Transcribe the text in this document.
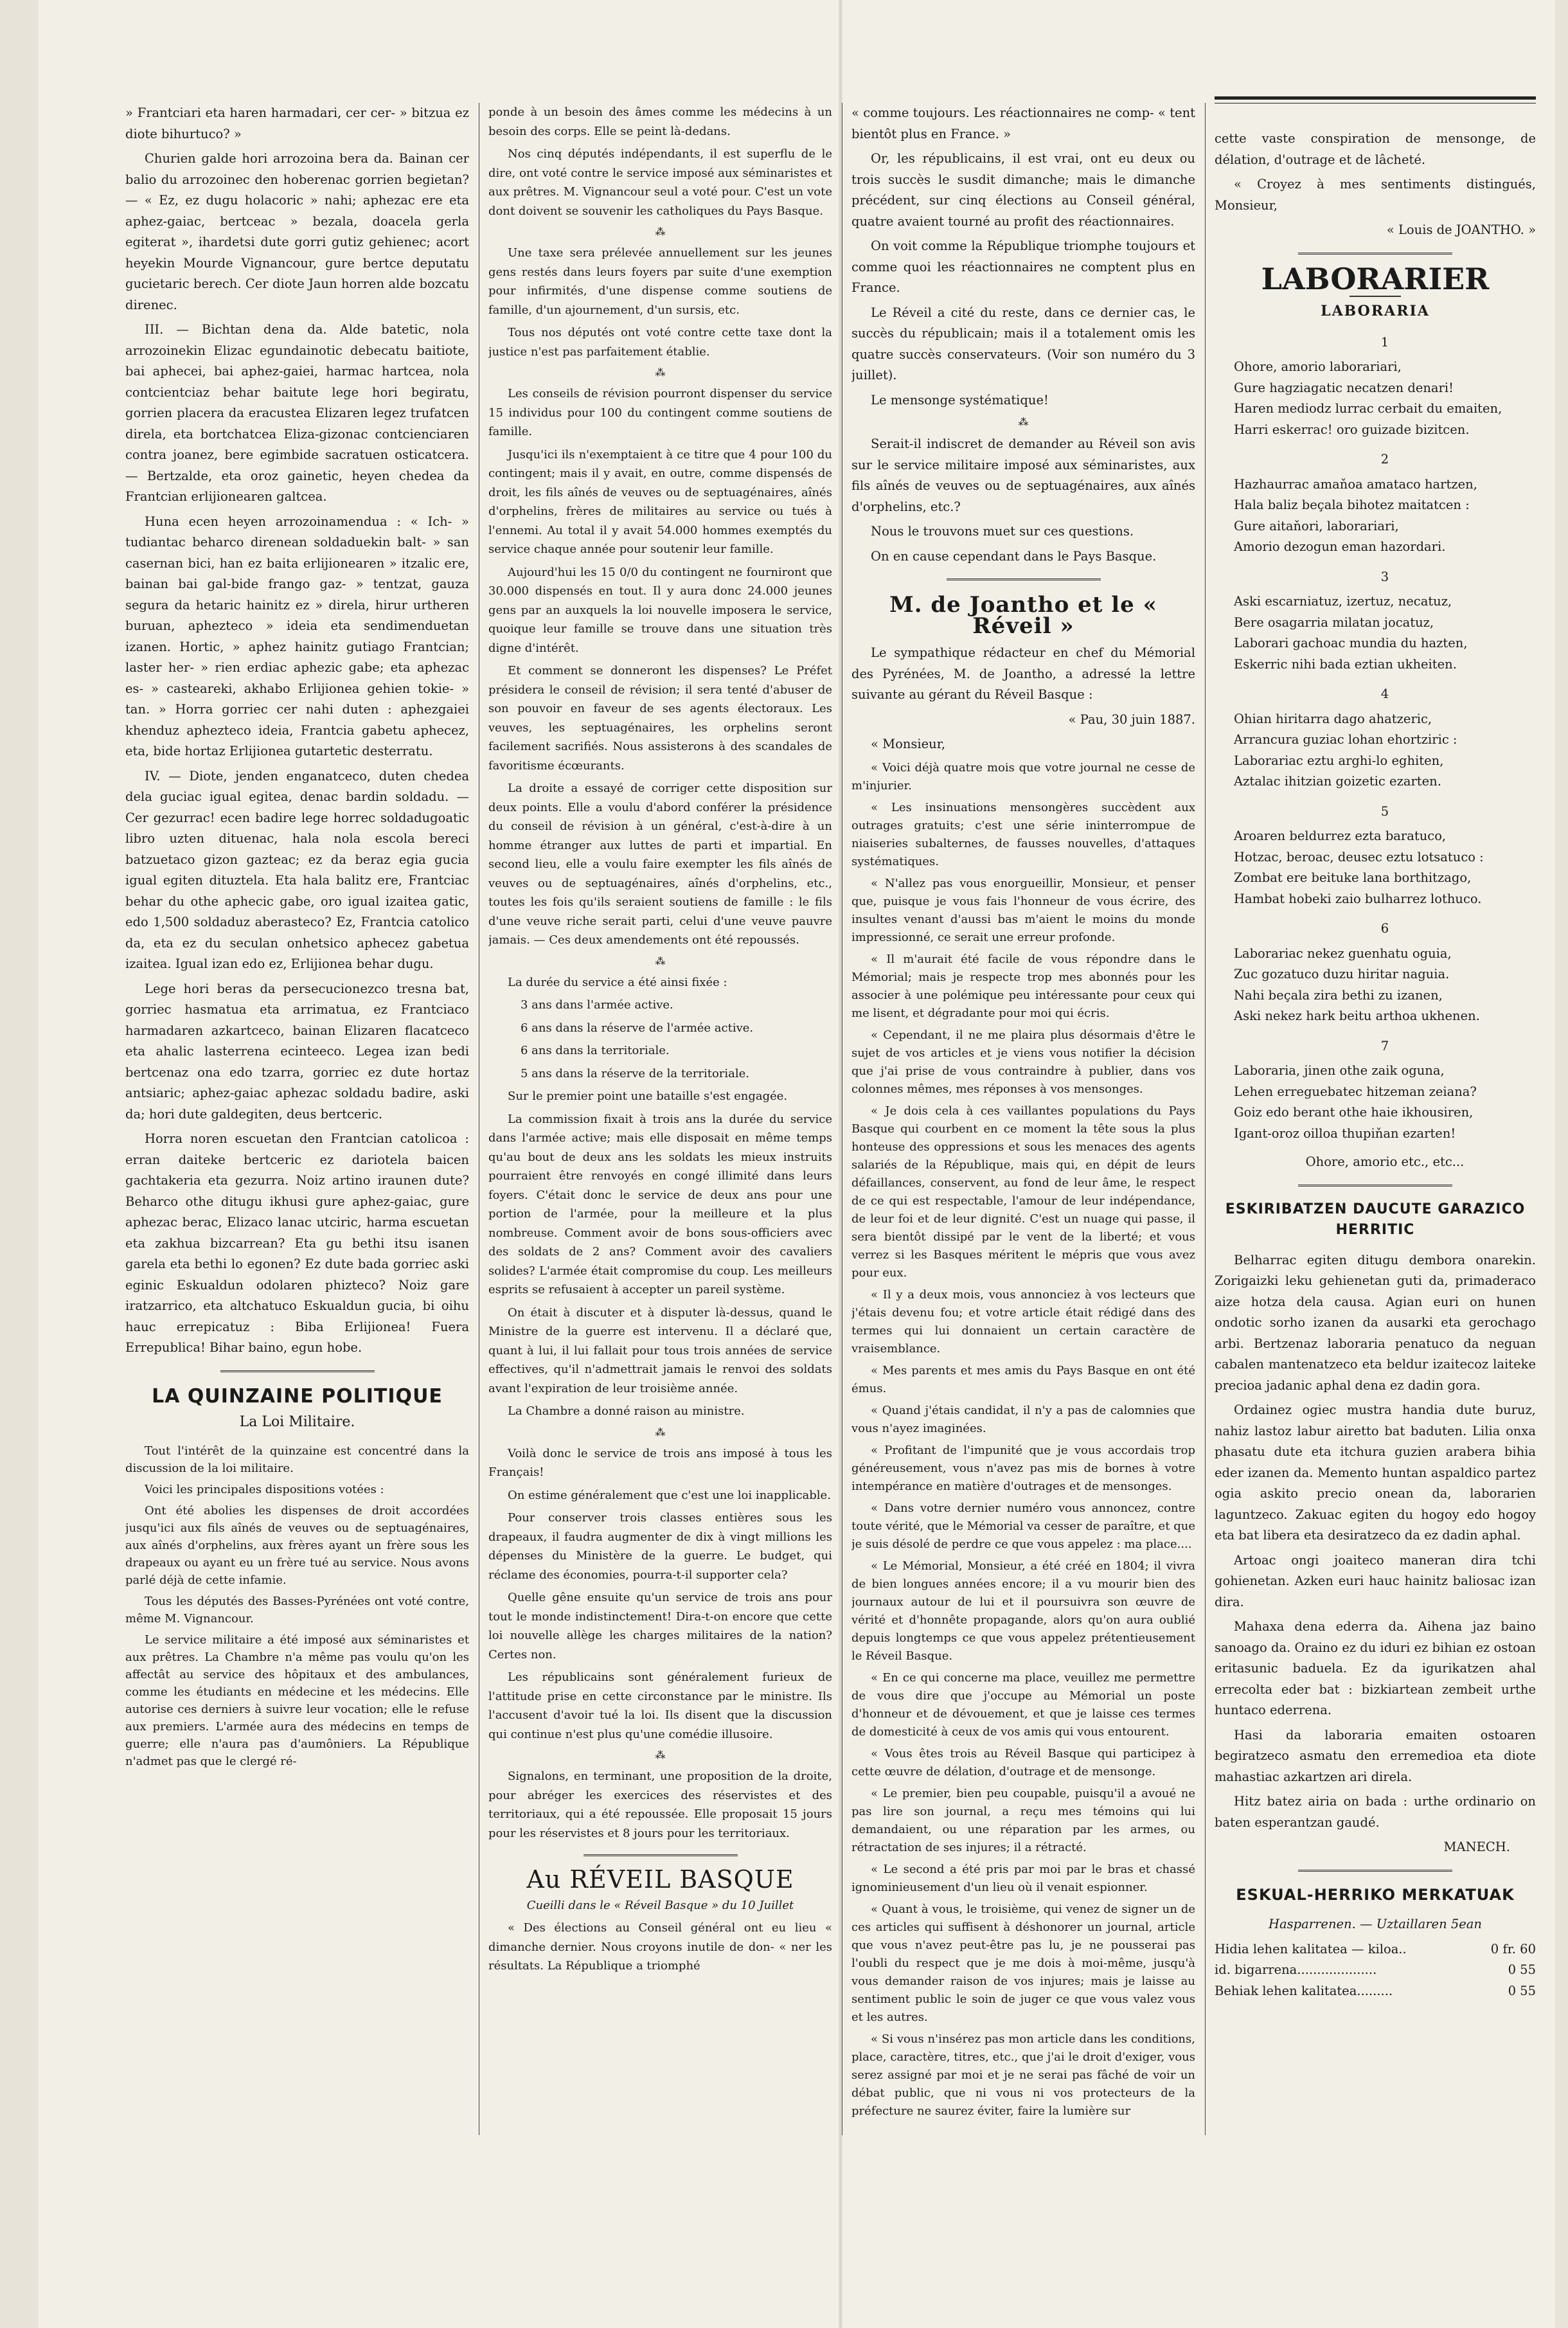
» Frantciari eta haren harmadari, cer cer- » bitzua ez diote bihurtuco? »

Churien galde hori arrozoina bera da. Bainan cer balio du arrozoinec den hoberenac gorrien begietan? — « Ez, ez dugu holacoric » nahi; aphezac ere eta aphez-gaiac, bertceac » bezala, doacela gerla egiterat », ihardetsi dute gorri gutiz gehienec; acort heyekin Mourde Vignancour, gure bertce deputatu gucietaric berech. Cer diote Jaun horren alde bozcatu direnec.

III. — Bichtan dena da. Alde batetic, nola arrozoinekin Elizac egundainotic debecatu baitiote, bai aphecei, bai aphez-gaiei, harmac hartcea, nola contcientciaz behar baitute lege hori begiratu, gorrien placera da eracustea Elizaren legez trufatcen direla, eta bortchatcea Eliza-gizonac contcienciaren contra joanez, bere egimbide sacratuen osticatcera. — Bertzalde, eta oroz gainetic, heyen chedea da Frantcian erlijionearen galtcea.

Huna ecen heyen arrozoinamendua : « Ich- » tudiantac beharco direnean soldaduekin balt- » san casernan bici, han ez baita erlijionearen » itzalic ere, bainan bai gal-bide frango gaz- » tentzat, gauza segura da hetaric hainitz ez » direla, hirur urtheren buruan, aphezteco » ideia eta sendimenduetan izanen. Hortic, » aphez hainitz gutiago Frantcian; laster her- » rien erdiac aphezic gabe; eta aphezac es- » casteareki, akhabo Erlijionea gehien tokie- » tan. » Horra gorriec cer nahi duten : aphezgaiei khenduz aphezteco ideia, Frantcia gabetu aphecez, eta, bide hortaz Erlijionea gutartetic desterratu.

IV. — Diote, jenden enganatceco, duten chedea dela guciac igual egitea, denac bardin soldadu. — Cer gezurrac! ecen badire lege horrec soldadugoatic libro uzten dituenac, hala nola escola bereci batzuetaco gizon gazteac; ez da beraz egia gucia igual egiten dituztela. Eta hala balitz ere, Frantciac behar du othe aphecic gabe, oro igual izaitea gatic, edo 1,500 soldaduz aberasteco? Ez, Frantcia catolico da, eta ez du seculan onhetsico aphecez gabetua izaitea. Igual izan edo ez, Erlijionea behar dugu.

Lege hori beras da persecucionezco tresna bat, gorriec hasmatua eta arrimatua, ez Frantciaco harmadaren azkartceco, bainan Elizaren flacatceco eta ahalic lasterrena ecinteeco. Legea izan bedi bertcenaz ona edo tzarra, gorriec ez dute hortaz antsiaric; aphez-gaiac aphezac soldadu badire, aski da; hori dute galdegiten, deus bertceric.

Horra noren escuetan den Frantcian catolicoa : erran daiteke bertceric ez dariotela baicen gachtakeria eta gezurra. Noiz artino iraunen dute? Beharco othe ditugu ikhusi gure aphez-gaiac, gure aphezac berac, Elizaco lanac utciric, harma escuetan eta zakhua bizcarrean? Eta gu bethi itsu isanen garela eta bethi lo egonen? Ez dute bada gorriec aski eginic Eskualdun odolaren phizteco? Noiz gare iratzarrico, eta altchatuco Eskualdun gucia, bi oihu hauc errepicatuz : Biba Erlijionea! Fuera Errepublica! Bihar baino, egun hobe.

LA QUINZAINE POLITIQUE
La Loi Militaire.

Tout l'intérêt de la quinzaine est concentré dans la discussion de la loi militaire.

Voici les principales dispositions votées :

Ont été abolies les dispenses de droit accordées jusqu'ici aux fils aînés de veuves ou de septuagénaires, aux aînés d'orphelins, aux frères ayant un frère sous les drapeaux ou ayant eu un frère tué au service. Nous avons parlé déjà de cette infamie.

Tous les députés des Basses-Pyrénées ont voté contre, même M. Vignancour.

Le service militaire a été imposé aux séminaristes et aux prêtres. La Chambre n'a même pas voulu qu'on les affectât au service des hôpitaux et des ambulances, comme les étudiants en médecine et les médecins. Elle autorise ces derniers à suivre leur vocation; elle le refuse aux premiers. L'armée aura des médecins en temps de guerre; elle n'aura pas d'aumôniers. La République n'admet pas que le clergé ré-

ponde à un besoin des âmes comme les médecins à un besoin des corps. Elle se peint là-dedans.

Nos cinq députés indépendants, il est superflu de le dire, ont voté contre le service imposé aux séminaristes et aux prêtres. M. Vignancour seul a voté pour. C'est un vote dont doivent se souvenir les catholiques du Pays Basque.

⁂

Une taxe sera prélevée annuellement sur les jeunes gens restés dans leurs foyers par suite d'une exemption pour infirmités, d'une dispense comme soutiens de famille, d'un ajournement, d'un sursis, etc.

Tous nos députés ont voté contre cette taxe dont la justice n'est pas parfaitement établie.

⁂

Les conseils de révision pourront dispenser du service 15 individus pour 100 du contingent comme soutiens de famille.

Jusqu'ici ils n'exemptaient à ce titre que 4 pour 100 du contingent; mais il y avait, en outre, comme dispensés de droit, les fils aînés de veuves ou de septuagénaires, aînés d'orphelins, frères de militaires au service ou tués à l'ennemi. Au total il y avait 54.000 hommes exemptés du service chaque année pour soutenir leur famille.

Aujourd'hui les 15 0/0 du contingent ne fourniront que 30.000 dispensés en tout. Il y aura donc 24.000 jeunes gens par an auxquels la loi nouvelle imposera le service, quoique leur famille se trouve dans une situation très digne d'intérêt.

Et comment se donneront les dispenses? Le Préfet présidera le conseil de révision; il sera tenté d'abuser de son pouvoir en faveur de ses agents électoraux. Les veuves, les septuagénaires, les orphelins seront facilement sacrifiés. Nous assisterons à des scandales de favoritisme écœurants.

La droite a essayé de corriger cette disposition sur deux points. Elle a voulu d'abord conférer la présidence du conseil de révision à un général, c'est-à-dire à un homme étranger aux luttes de parti et impartial. En second lieu, elle a voulu faire exempter les fils aînés de veuves ou de septuagénaires, aînés d'orphelins, etc., toutes les fois qu'ils seraient soutiens de famille : le fils d'une veuve riche serait parti, celui d'une veuve pauvre jamais. — Ces deux amendements ont été repoussés.

⁂

La durée du service a été ainsi fixée :

3 ans dans l'armée active.

6 ans dans la réserve de l'armée active.

6 ans dans la territoriale.

5 ans dans la réserve de la territoriale.

Sur le premier point une bataille s'est engagée.

La commission fixait à trois ans la durée du service dans l'armée active; mais elle disposait en même temps qu'au bout de deux ans les soldats les mieux instruits pourraient être renvoyés en congé illimité dans leurs foyers. C'était donc le service de deux ans pour une portion de l'armée, pour la meilleure et la plus nombreuse. Comment avoir de bons sous-officiers avec des soldats de 2 ans? Comment avoir des cavaliers solides? L'armée était compromise du coup. Les meilleurs esprits se refusaient à accepter un pareil système.

On était à discuter et à disputer là-dessus, quand le Ministre de la guerre est intervenu. Il a déclaré que, quant à lui, il lui fallait pour tous trois années de service effectives, qu'il n'admettrait jamais le renvoi des soldats avant l'expiration de leur troisième année.

La Chambre a donné raison au ministre.

⁂

Voilà donc le service de trois ans imposé à tous les Français!

On estime généralement que c'est une loi inapplicable.

Pour conserver trois classes entières sous les drapeaux, il faudra augmenter de dix à vingt millions les dépenses du Ministère de la guerre. Le budget, qui réclame des économies, pourra-t-il supporter cela?

Quelle gêne ensuite qu'un service de trois ans pour tout le monde indistinctement! Dira-t-on encore que cette loi nouvelle allège les charges militaires de la nation? Certes non.

Les républicains sont généralement furieux de l'attitude prise en cette circonstance par le ministre. Ils l'accusent d'avoir tué la loi. Ils disent que la discussion qui continue n'est plus qu'une comédie illusoire.

⁂

Signalons, en terminant, une proposition de la droite, pour abréger les exercices des réservistes et des territoriaux, qui a été repoussée. Elle proposait 15 jours pour les réservistes et 8 jours pour les territoriaux.

Au RÉVEIL BASQUE

Cueilli dans le « Réveil Basque » du 10 Juillet

« Des élections au Conseil général ont eu lieu « dimanche dernier. Nous croyons inutile de don- « ner les résultats. La République a triomphé

« comme toujours. Les réactionnaires ne comp- « tent bientôt plus en France. »

Or, les républicains, il est vrai, ont eu deux ou trois succès le susdit dimanche; mais le dimanche précédent, sur cinq élections au Conseil général, quatre avaient tourné au profit des réactionnaires.

On voit comme la République triomphe toujours et comme quoi les réactionnaires ne comptent plus en France.

Le Réveil a cité du reste, dans ce dernier cas, le succès du républicain; mais il a totalement omis les quatre succès conservateurs. (Voir son numéro du 3 juillet).

Le mensonge systématique!

⁂

Serait-il indiscret de demander au Réveil son avis sur le service militaire imposé aux séminaristes, aux fils aînés de veuves ou de septuagénaires, aux aînés d'orphelins, etc.?

Nous le trouvons muet sur ces questions.

On en cause cependant dans le Pays Basque.

M. de Joantho et le « Réveil »

Le sympathique rédacteur en chef du Mémorial des Pyrénées, M. de Joantho, a adressé la lettre suivante au gérant du Réveil Basque :

« Pau, 30 juin 1887.

« Monsieur,

« Voici déjà quatre mois que votre journal ne cesse de m'injurier.

« Les insinuations mensongères succèdent aux outrages gratuits; c'est une série ininterrompue de niaiseries subalternes, de fausses nouvelles, d'attaques systématiques.

« N'allez pas vous enorgueillir, Monsieur, et penser que, puisque je vous fais l'honneur de vous écrire, des insultes venant d'aussi bas m'aient le moins du monde impressionné, ce serait une erreur profonde.

« Il m'aurait été facile de vous répondre dans le Mémorial; mais je respecte trop mes abonnés pour les associer à une polémique peu intéressante pour ceux qui me lisent, et dégradante pour moi qui écris.

« Cependant, il ne me plaira plus désormais d'être le sujet de vos articles et je viens vous notifier la décision que j'ai prise de vous contraindre à publier, dans vos colonnes mêmes, mes réponses à vos mensonges.

« Je dois cela à ces vaillantes populations du Pays Basque qui courbent en ce moment la tête sous la plus honteuse des oppressions et sous les menaces des agents salariés de la République, mais qui, en dépit de leurs défaillances, conservent, au fond de leur âme, le respect de ce qui est respectable, l'amour de leur indépendance, de leur foi et de leur dignité. C'est un nuage qui passe, il sera bientôt dissipé par le vent de la liberté; et vous verrez si les Basques méritent le mépris que vous avez pour eux.

« Il y a deux mois, vous annonciez à vos lecteurs que j'étais devenu fou; et votre article était rédigé dans des termes qui lui donnaient un certain caractère de vraisemblance.

« Mes parents et mes amis du Pays Basque en ont été émus.

« Quand j'étais candidat, il n'y a pas de calomnies que vous n'ayez imaginées.

« Profitant de l'impunité que je vous accordais trop généreusement, vous n'avez pas mis de bornes à votre intempérance en matière d'outrages et de mensonges.

« Dans votre dernier numéro vous annoncez, contre toute vérité, que le Mémorial va cesser de paraître, et que je suis désolé de perdre ce que vous appelez : ma place....

« Le Mémorial, Monsieur, a été créé en 1804; il vivra de bien longues années encore; il a vu mourir bien des journaux autour de lui et il poursuivra son œuvre de vérité et d'honnête propagande, alors qu'on aura oublié depuis longtemps ce que vous appelez prétentieusement le Réveil Basque.

« En ce qui concerne ma place, veuillez me permettre de vous dire que j'occupe au Mémorial un poste d'honneur et de dévouement, et que je laisse ces termes de domesticité à ceux de vos amis qui vous entourent.

« Vous êtes trois au Réveil Basque qui participez à cette œuvre de délation, d'outrage et de mensonge.

« Le premier, bien peu coupable, puisqu'il a avoué ne pas lire son journal, a reçu mes témoins qui lui demandaient, ou une réparation par les armes, ou rétractation de ses injures; il a rétracté.

« Le second a été pris par moi par le bras et chassé ignominieusement d'un lieu où il venait espionner.

« Quant à vous, le troisième, qui venez de signer un de ces articles qui suffisent à déshonorer un journal, article que vous n'avez peut-être pas lu, je ne pousserai pas l'oubli du respect que je me dois à moi-même, jusqu'à vous demander raison de vos injures; mais je laisse au sentiment public le soin de juger ce que vous valez vous et les autres.

« Si vous n'insérez pas mon article dans les conditions, place, caractère, titres, etc., que j'ai le droit d'exiger, vous serez assigné par moi et je ne serai pas fâché de voir un débat public, que ni vous ni vos protecteurs de la préfecture ne saurez éviter, faire la lumière sur

cette vaste conspiration de mensonge, de délation, d'outrage et de lâcheté.

« Croyez à mes sentiments distingués, Monsieur,

« Louis de JOANTHO. »

LABORARIER
LABORARIA
1
Ohore, amorio laborariari,
Gure hagziagatic necatzen denari!
Haren mediodz lurrac cerbait du emaiten,
Harri eskerrac! oro guizade bizitcen.
2
Hazhaurrac amaňoa amataco hartzen,
Hala baliz beçala bihotez maitatcen :
Gure aitaňori, laborariari,
Amorio dezogun eman hazordari.
3
Aski escarniatuz, izertuz, necatuz,
Bere osagarria milatan jocatuz,
Laborari gachoac mundia du hazten,
Eskerric nihi bada eztian ukheiten.
4
Ohian hiritarra dago ahatzeric,
Arrancura guziac lohan ehortziric :
Laborariac eztu arghi-lo eghiten,
Aztalac ihitzian goizetic ezarten.
5
Aroaren beldurrez ezta baratuco,
Hotzac, beroac, deusec eztu lotsatuco :
Zombat ere beituke lana borthitzago,
Hambat hobeki zaio bulharrez lothuco.
6
Laborariac nekez guenhatu oguia,
Zuc gozatuco duzu hiritar naguia.
Nahi beçala zira bethi zu izanen,
Aski nekez hark beitu arthoa ukhenen.
7
Laboraria, jinen othe zaik oguna,
Lehen erreguebatec hitzeman zeiana?
Goiz edo berant othe haie ikhousiren,
Igant-oroz oilloa thupiňan ezarten!
Ohore, amorio etc., etc...
ESKIRIBATZEN DAUCUTE GARAZICO HERRITIC

Belharrac egiten ditugu dembora onarekin. Zorigaizki leku gehienetan guti da, primaderaco aize hotza dela causa. Agian euri on hunen ondotic sorho izanen da ausarki eta gerochago arbi. Bertzenaz laboraria penatuco da neguan cabalen mantenatzeco eta beldur izaitecoz laiteke precioa jadanic aphal dena ez dadin gora.

Ordainez ogiec mustra handia dute buruz, nahiz lastoz labur airetto bat baduten. Lilia onxa phasatu dute eta itchura guzien arabera bihia eder izanen da. Memento huntan aspaldico partez ogia askito precio onean da, laborarien laguntzeco. Zakuac egiten du hogoy edo hogoy eta bat libera eta desiratzeco da ez dadin aphal.

Artoac ongi joaiteco maneran dira tchi gohienetan. Azken euri hauc hainitz baliosac izan dira.

Mahaxa dena ederra da. Aihena jaz baino sanoago da. Oraino ez du iduri ez bihian ez ostoan eritasunic baduela. Ez da igurikatzen ahal errecolta eder bat : bizkiartean zembeit urthe huntaco ederrena.

Hasi da laboraria emaiten ostoaren begiratzeco asmatu den erremedioa eta diote mahastiac azkartzen ari direla.

Hitz batez airia on bada : urthe ordinario on baten esperantzan gaudé.

MANECH.

ESKUAL-HERRIKO MERKATUAK

Hasparrenen. — Uztaillaren 5ean

Hidia lehen kalitatea — kiloa..	0 fr. 60
id. bigarrena....................	0 55
Behiak lehen kalitatea.........	0 55
